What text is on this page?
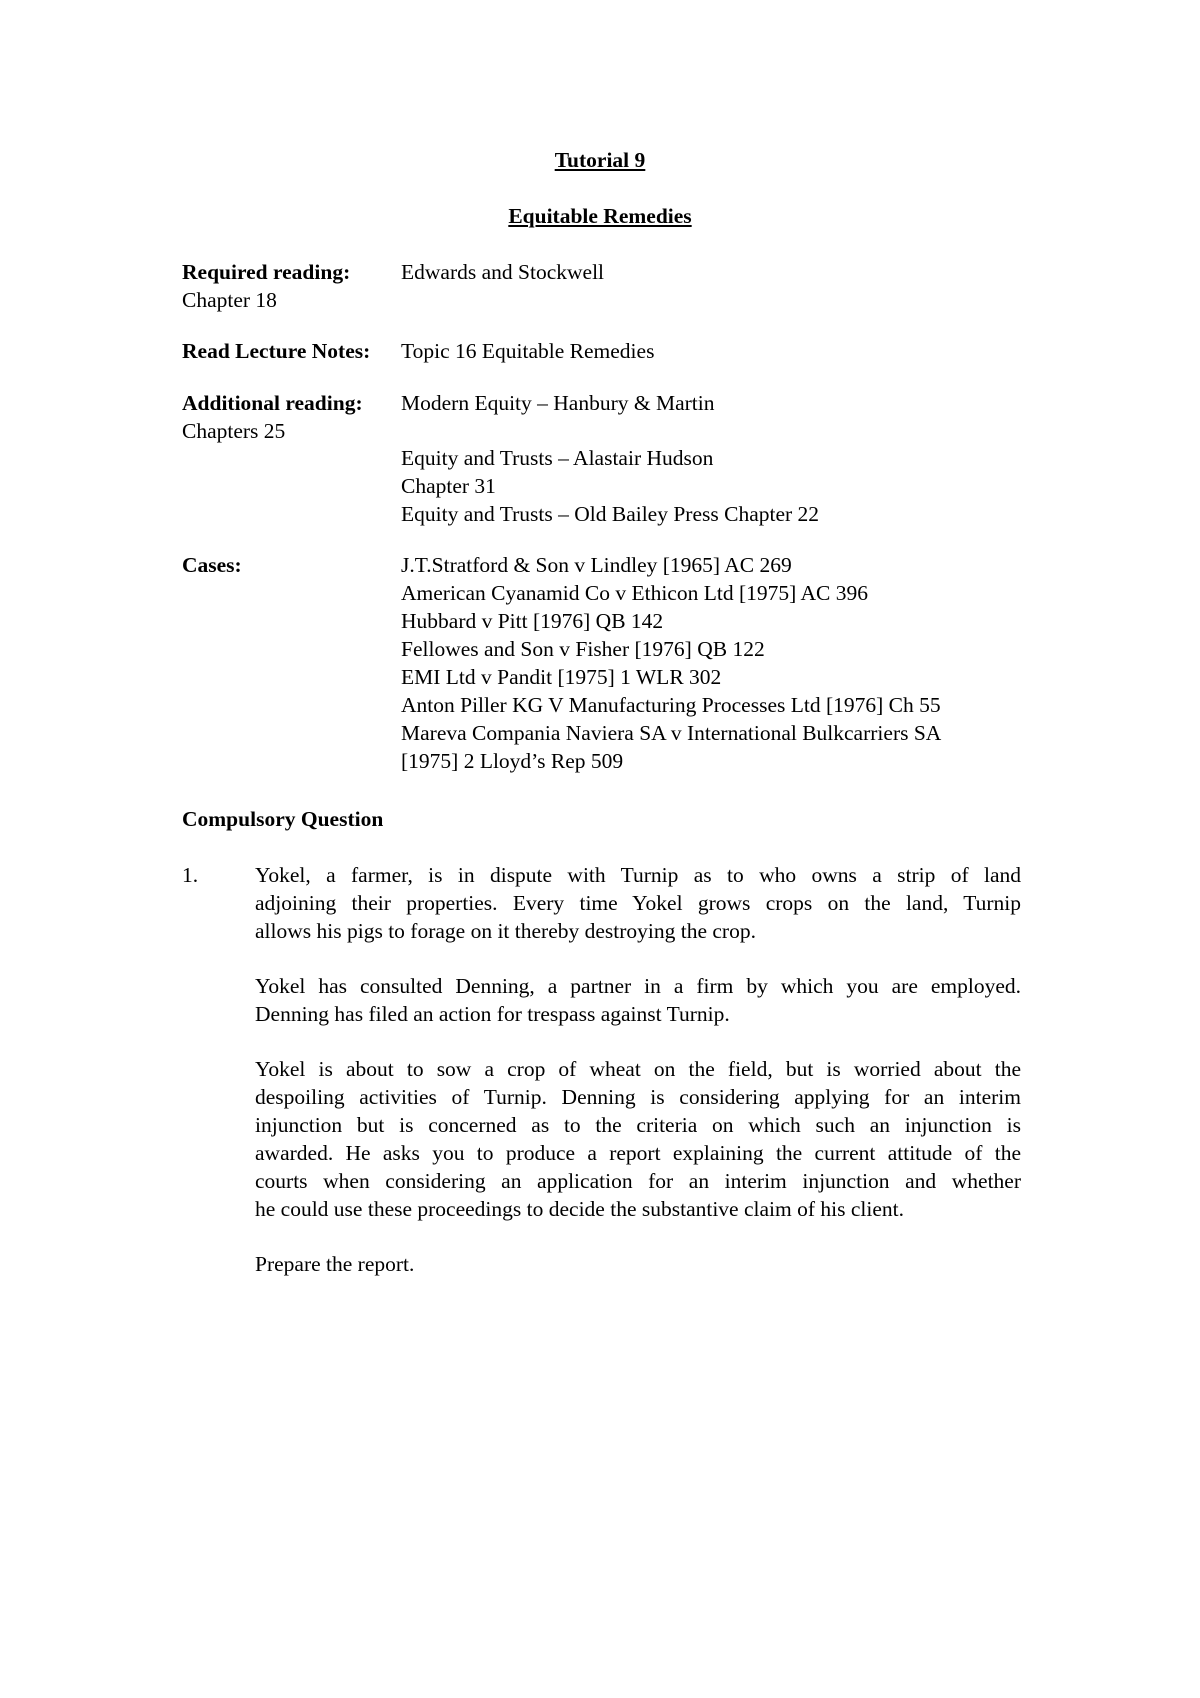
Tutorial 9
Equitable Remedies
Required reading: Edwards and Stockwell
Chapter 18
Read Lecture Notes: Topic 16 Equitable Remedies
Additional reading: Modern Equity – Hanbury & Martin
Chapters 25
Equity and Trusts – Alastair Hudson
Chapter 31
Equity and Trusts – Old Bailey Press Chapter 22
Cases:	J.T.Stratford & Son v Lindley [1965] AC 269
American Cyanamid Co v Ethicon Ltd [1975] AC 396
Hubbard v Pitt [1976] QB 142
Fellowes and Son v Fisher [1976] QB 122
EMI Ltd v Pandit [1975] 1 WLR 302
Anton Piller KG V Manufacturing Processes Ltd [1976] Ch 55
Mareva Compania Naviera SA v International Bulkcarriers SA
[1975] 2 Lloyd’s Rep 509
Compulsory Question
1.	Yokel, a farmer, is in dispute with Turnip as to who owns a strip of land
adjoining their properties. Every time Yokel grows crops on the land, Turnip
allows his pigs to forage on it thereby destroying the crop.
Yokel has consulted Denning, a partner in a firm by which you are employed.
Denning has filed an action for trespass against Turnip.
Yokel is about to sow a crop of wheat on the field, but is worried about the
despoiling activities of Turnip. Denning is considering applying for an interim
injunction but is concerned as to the criteria on which such an injunction is
awarded. He asks you to produce a report explaining the current attitude of the
courts when considering an application for an interim injunction and whether
he could use these proceedings to decide the substantive claim of his client.
Prepare the report.
